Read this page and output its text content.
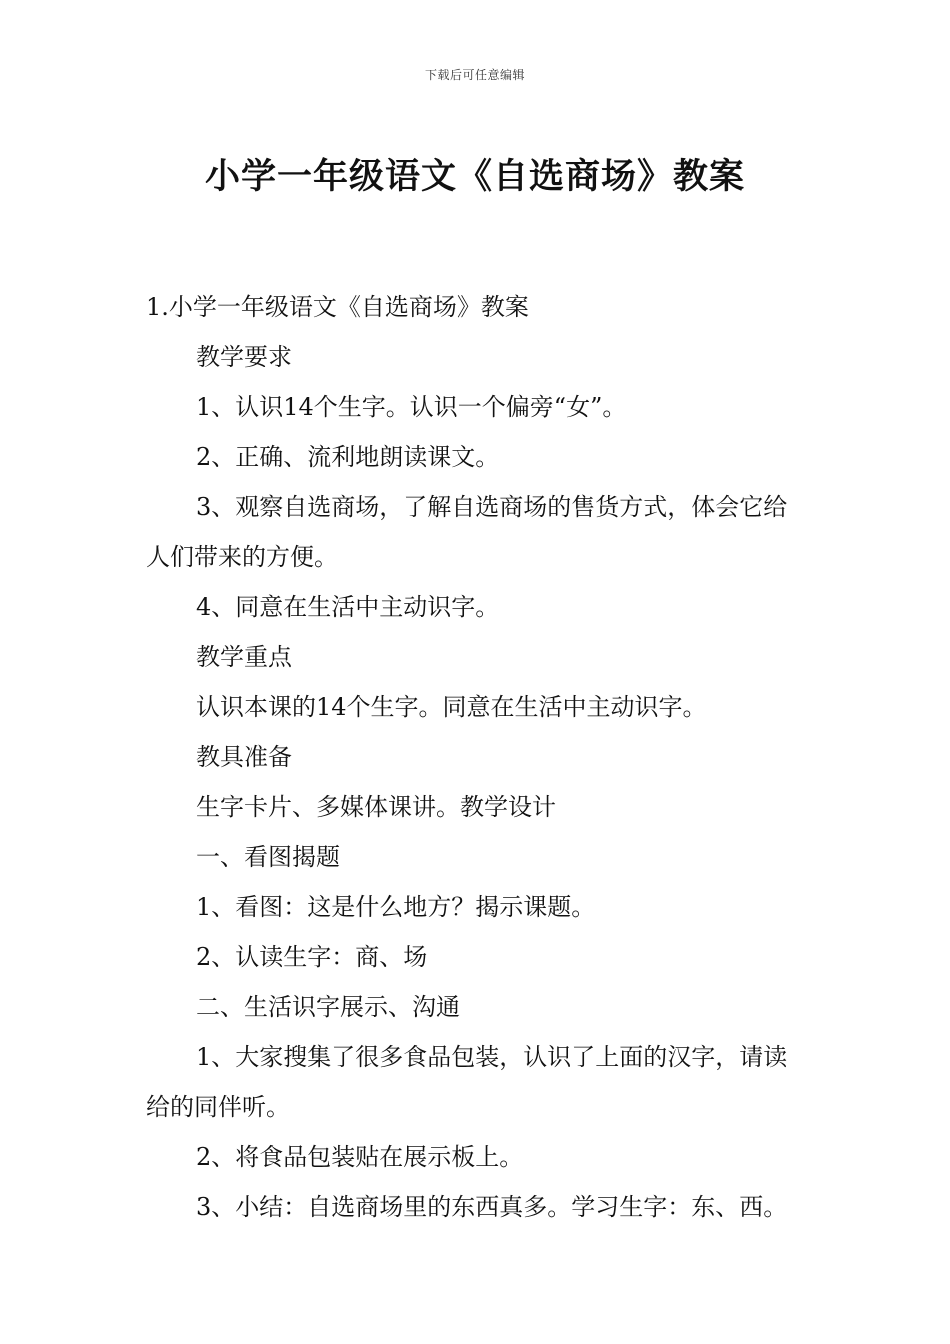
下载后可任意编辑
小学一年级语文《自选商场》教案

1.小学一年级语文《自选商场》教案

教学要求

1、认识14个生字。认识一个偏旁“女”。

2、正确、流利地朗读课文。

3、观察自选商场，了解自选商场的售货方式，体会它给人们带来的方便。

4、同意在生活中主动识字。

教学重点

认识本课的14个生字。同意在生活中主动识字。

教具准备

生字卡片、多媒体课讲。教学设计

一、看图揭题

1、看图：这是什么地方？揭示课题。

2、认读生字：商、场

二、生活识字展示、沟通

1、大家搜集了很多食品包装，认识了上面的汉字，请读给的同伴听。

2、将食品包装贴在展示板上。

3、小结：自选商场里的东西真多。学习生字：东、西。
